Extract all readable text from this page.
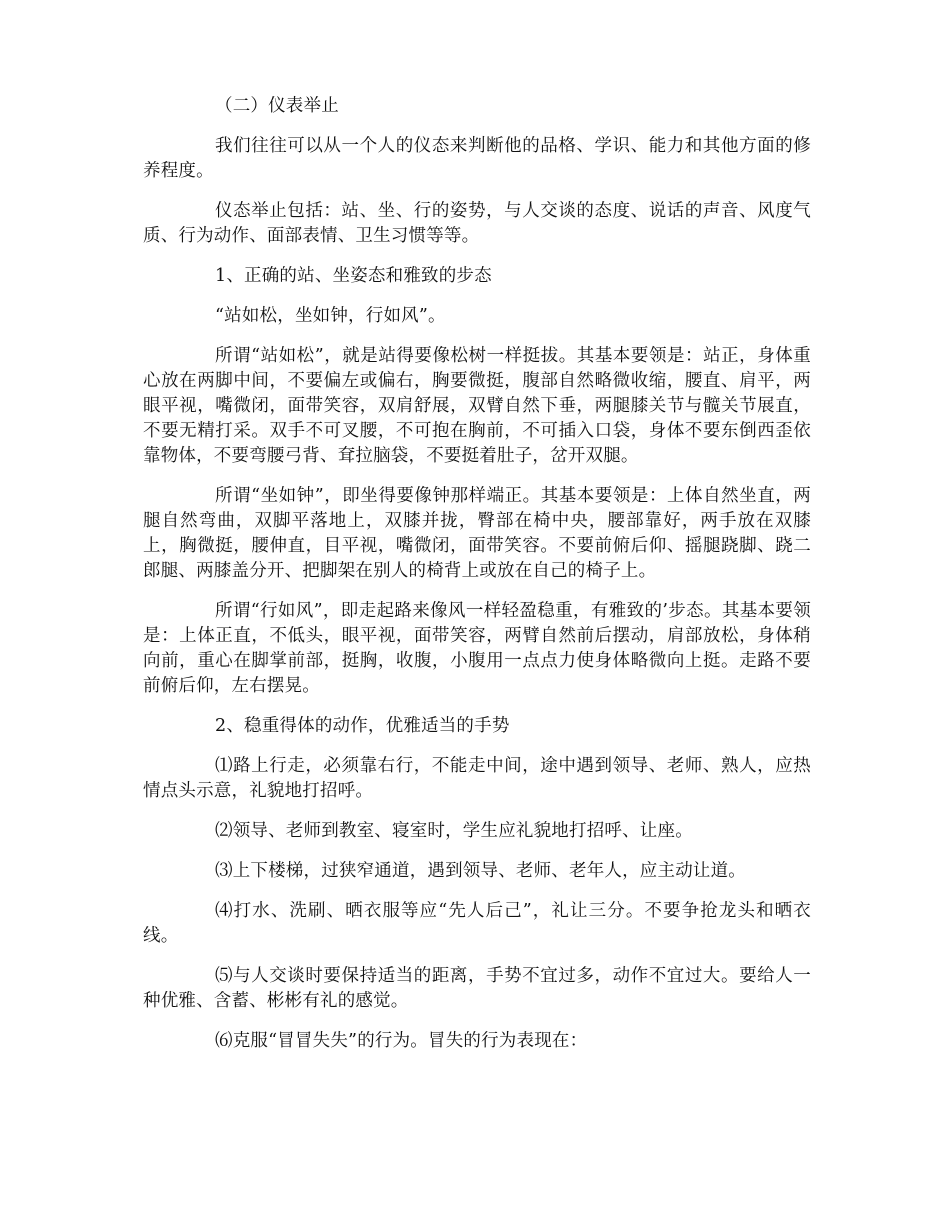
（二）仪表举止

我们往往可以从一个人的仪态来判断他的品格、学识、能力和其他方面的修养程度。

仪态举止包括：站、坐、行的姿势，与人交谈的态度、说话的声音、风度气质、行为动作、面部表情、卫生习惯等等。

1、正确的站、坐姿态和雅致的步态

“站如松，坐如钟，行如风”。

所谓“站如松”，就是站得要像松树一样挺拔。其基本要领是：站正，身体重心放在两脚中间，不要偏左或偏右，胸要微挺，腹部自然略微收缩，腰直、肩平，两眼平视，嘴微闭，面带笑容，双肩舒展，双臂自然下垂，两腿膝关节与髋关节展直，不要无精打采。双手不可叉腰，不可抱在胸前，不可插入口袋，身体不要东倒西歪依靠物体，不要弯腰弓背、耷拉脑袋，不要挺着肚子，岔开双腿。

所谓“坐如钟”，即坐得要像钟那样端正。其基本要领是：上体自然坐直，两腿自然弯曲，双脚平落地上，双膝并拢，臀部在椅中央，腰部靠好，两手放在双膝上，胸微挺，腰伸直，目平视，嘴微闭，面带笑容。不要前俯后仰、摇腿跷脚、跷二郎腿、两膝盖分开、把脚架在别人的椅背上或放在自己的椅子上。

所谓“行如风”，即走起路来像风一样轻盈稳重，有雅致的’步态。其基本要领是：上体正直，不低头，眼平视，面带笑容，两臂自然前后摆动，肩部放松，身体稍向前，重心在脚掌前部，挺胸，收腹，小腹用一点点力使身体略微向上挺。走路不要前俯后仰，左右摆晃。

2、稳重得体的动作，优雅适当的手势

⑴路上行走，必须靠右行，不能走中间，途中遇到领导、老师、熟人，应热情点头示意，礼貌地打招呼。

⑵领导、老师到教室、寝室时，学生应礼貌地打招呼、让座。

⑶上下楼梯，过狭窄通道，遇到领导、老师、老年人，应主动让道。

⑷打水、洗刷、晒衣服等应“先人后己”，礼让三分。不要争抢龙头和晒衣线。

⑸与人交谈时要保持适当的距离，手势不宜过多，动作不宜过大。要给人一种优雅、含蓄、彬彬有礼的感觉。

⑹克服“冒冒失失”的行为。冒失的行为表现在：
